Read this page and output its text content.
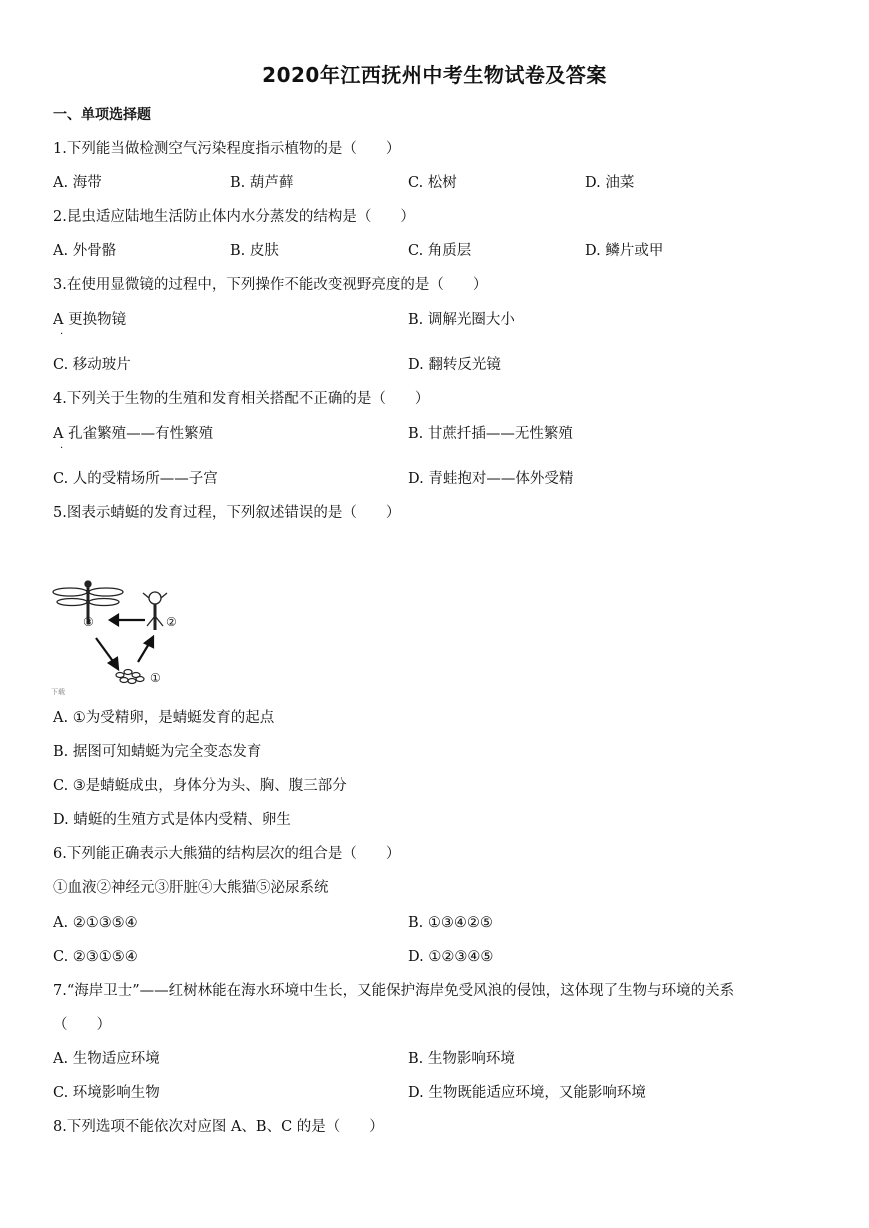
2020年江西抚州中考生物试卷及答案
一、单项选择题
1.下列能当做检测空气污染程度指示植物的是（　　）
A. 海带	B. 葫芦藓	C. 松树	D. 油菜
2.昆虫适应陆地生活防止体内水分蒸发的结构是（　　）
A. 外骨骼	B. 皮肤	C. 角质层	D. 鳞片或甲
3.在使用显微镜的过程中，下列操作不能改变视野亮度的是（　　）
A 更换物镜
·
B. 调解光圈大小
C. 移动玻片	D. 翻转反光镜
4.下列关于生物的生殖和发育相关搭配不正确的是（　　）
A 孔雀繁殖——有性繁殖
·
B. 甘蔗扦插——无性繁殖
C. 人的受精场所——子宫	D. 青蛙抱对——体外受精
5.图表示蜻蜓的发育过程，下列叙述错误的是（　　）
③	②
①
下载
A. ①为受精卵，是蜻蜓发育的起点
B. 据图可知蜻蜓为完全变态发育
C. ③是蜻蜓成虫，身体分为头、胸、腹三部分
D. 蜻蜓的生殖方式是体内受精、卵生
6.下列能正确表示大熊猫的结构层次的组合是（　　）
①血液②神经元③肝脏④大熊猫⑤泌尿系统
A. ②①③⑤④	B. ①③④②⑤
C. ②③①⑤④	D. ①②③④⑤
7.“海岸卫士”——红树林能在海水环境中生长，又能保护海岸免受风浪的侵蚀，这体现了生物与环境的关系
（　　）
A. 生物适应环境	B. 生物影响环境
C. 环境影响生物	D. 生物既能适应环境，又能影响环境
8.下列选项不能依次对应图 A、B、C 的是（　　）
